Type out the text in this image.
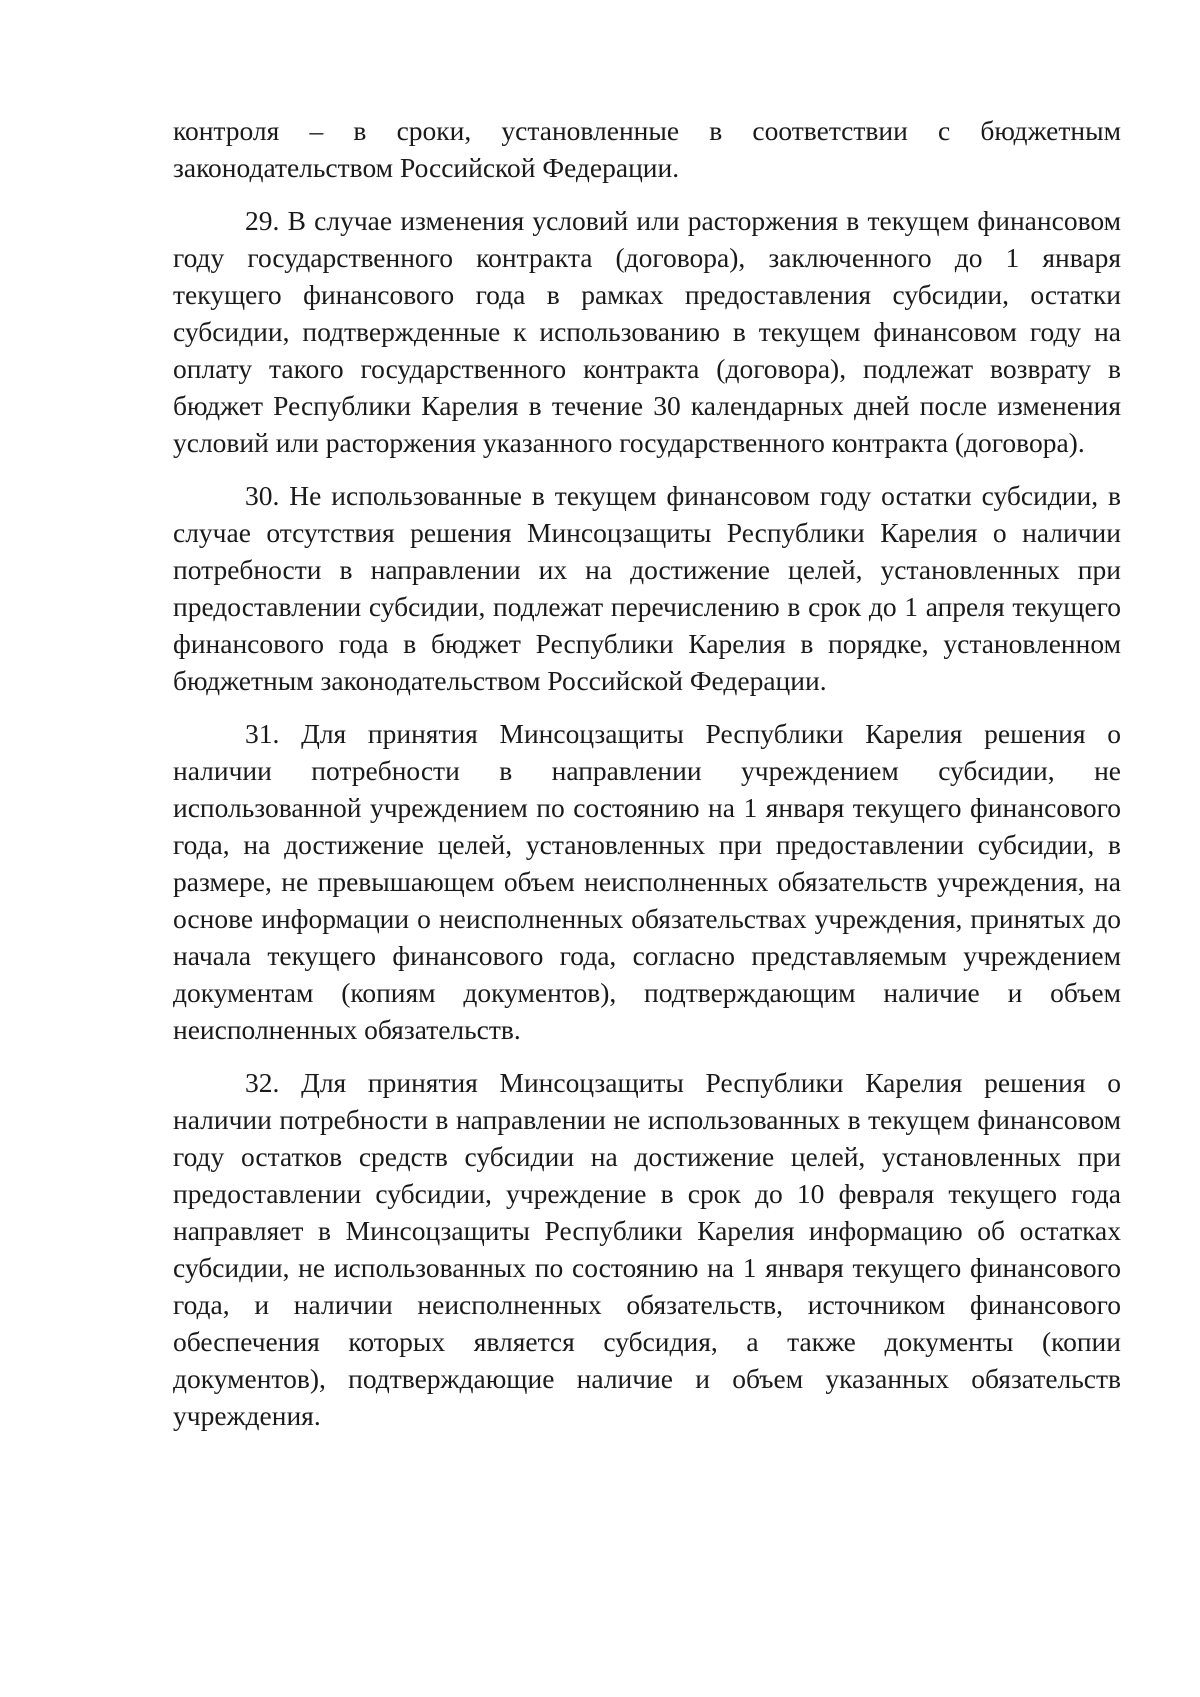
контроля – в сроки, установленные в соответствии с бюджетным законодательством Российской Федерации.

29. В случае изменения условий или расторжения в текущем финансовом году государственного контракта (договора), заключенного до 1 января текущего финансового года в рамках предоставления субсидии, остатки субсидии, подтвержденные к использованию в текущем финансовом году на оплату такого государственного контракта (договора), подлежат возврату в бюджет Республики Карелия в течение 30 календарных дней после изменения условий или расторжения указанного государственного контракта (договора).

30. Не использованные в текущем финансовом году остатки субсидии, в случае отсутствия решения Минсоцзащиты Республики Карелия о наличии потребности в направлении их на достижение целей, установленных при предоставлении субсидии, подлежат перечислению в срок до 1 апреля текущего финансового года в бюджет Республики Карелия в порядке, установленном бюджетным законодательством Российской Федерации.

31. Для принятия Минсоцзащиты Республики Карелия решения о наличии потребности в направлении учреждением субсидии, не использованной учреждением по состоянию на 1 января текущего финансового года, на достижение целей, установленных при предоставлении субсидии, в размере, не превышающем объем неисполненных обязательств учреждения, на основе информации о неисполненных обязательствах учреждения, принятых до начала текущего финансового года, согласно представляемым учреждением документам (копиям документов), подтверждающим наличие и объем неисполненных обязательств.

32. Для принятия Минсоцзащиты Республики Карелия решения о наличии потребности в направлении не использованных в текущем финансовом году остатков средств субсидии на достижение целей, установленных при предоставлении субсидии, учреждение в срок до 10 февраля текущего года направляет в Минсоцзащиты Республики Карелия информацию об остатках субсидии, не использованных по состоянию на 1 января текущего финансового года, и наличии неисполненных обязательств, источником финансового обеспечения которых является субсидия, а также документы (копии документов), подтверждающие наличие и объем указанных обязательств учреждения.
